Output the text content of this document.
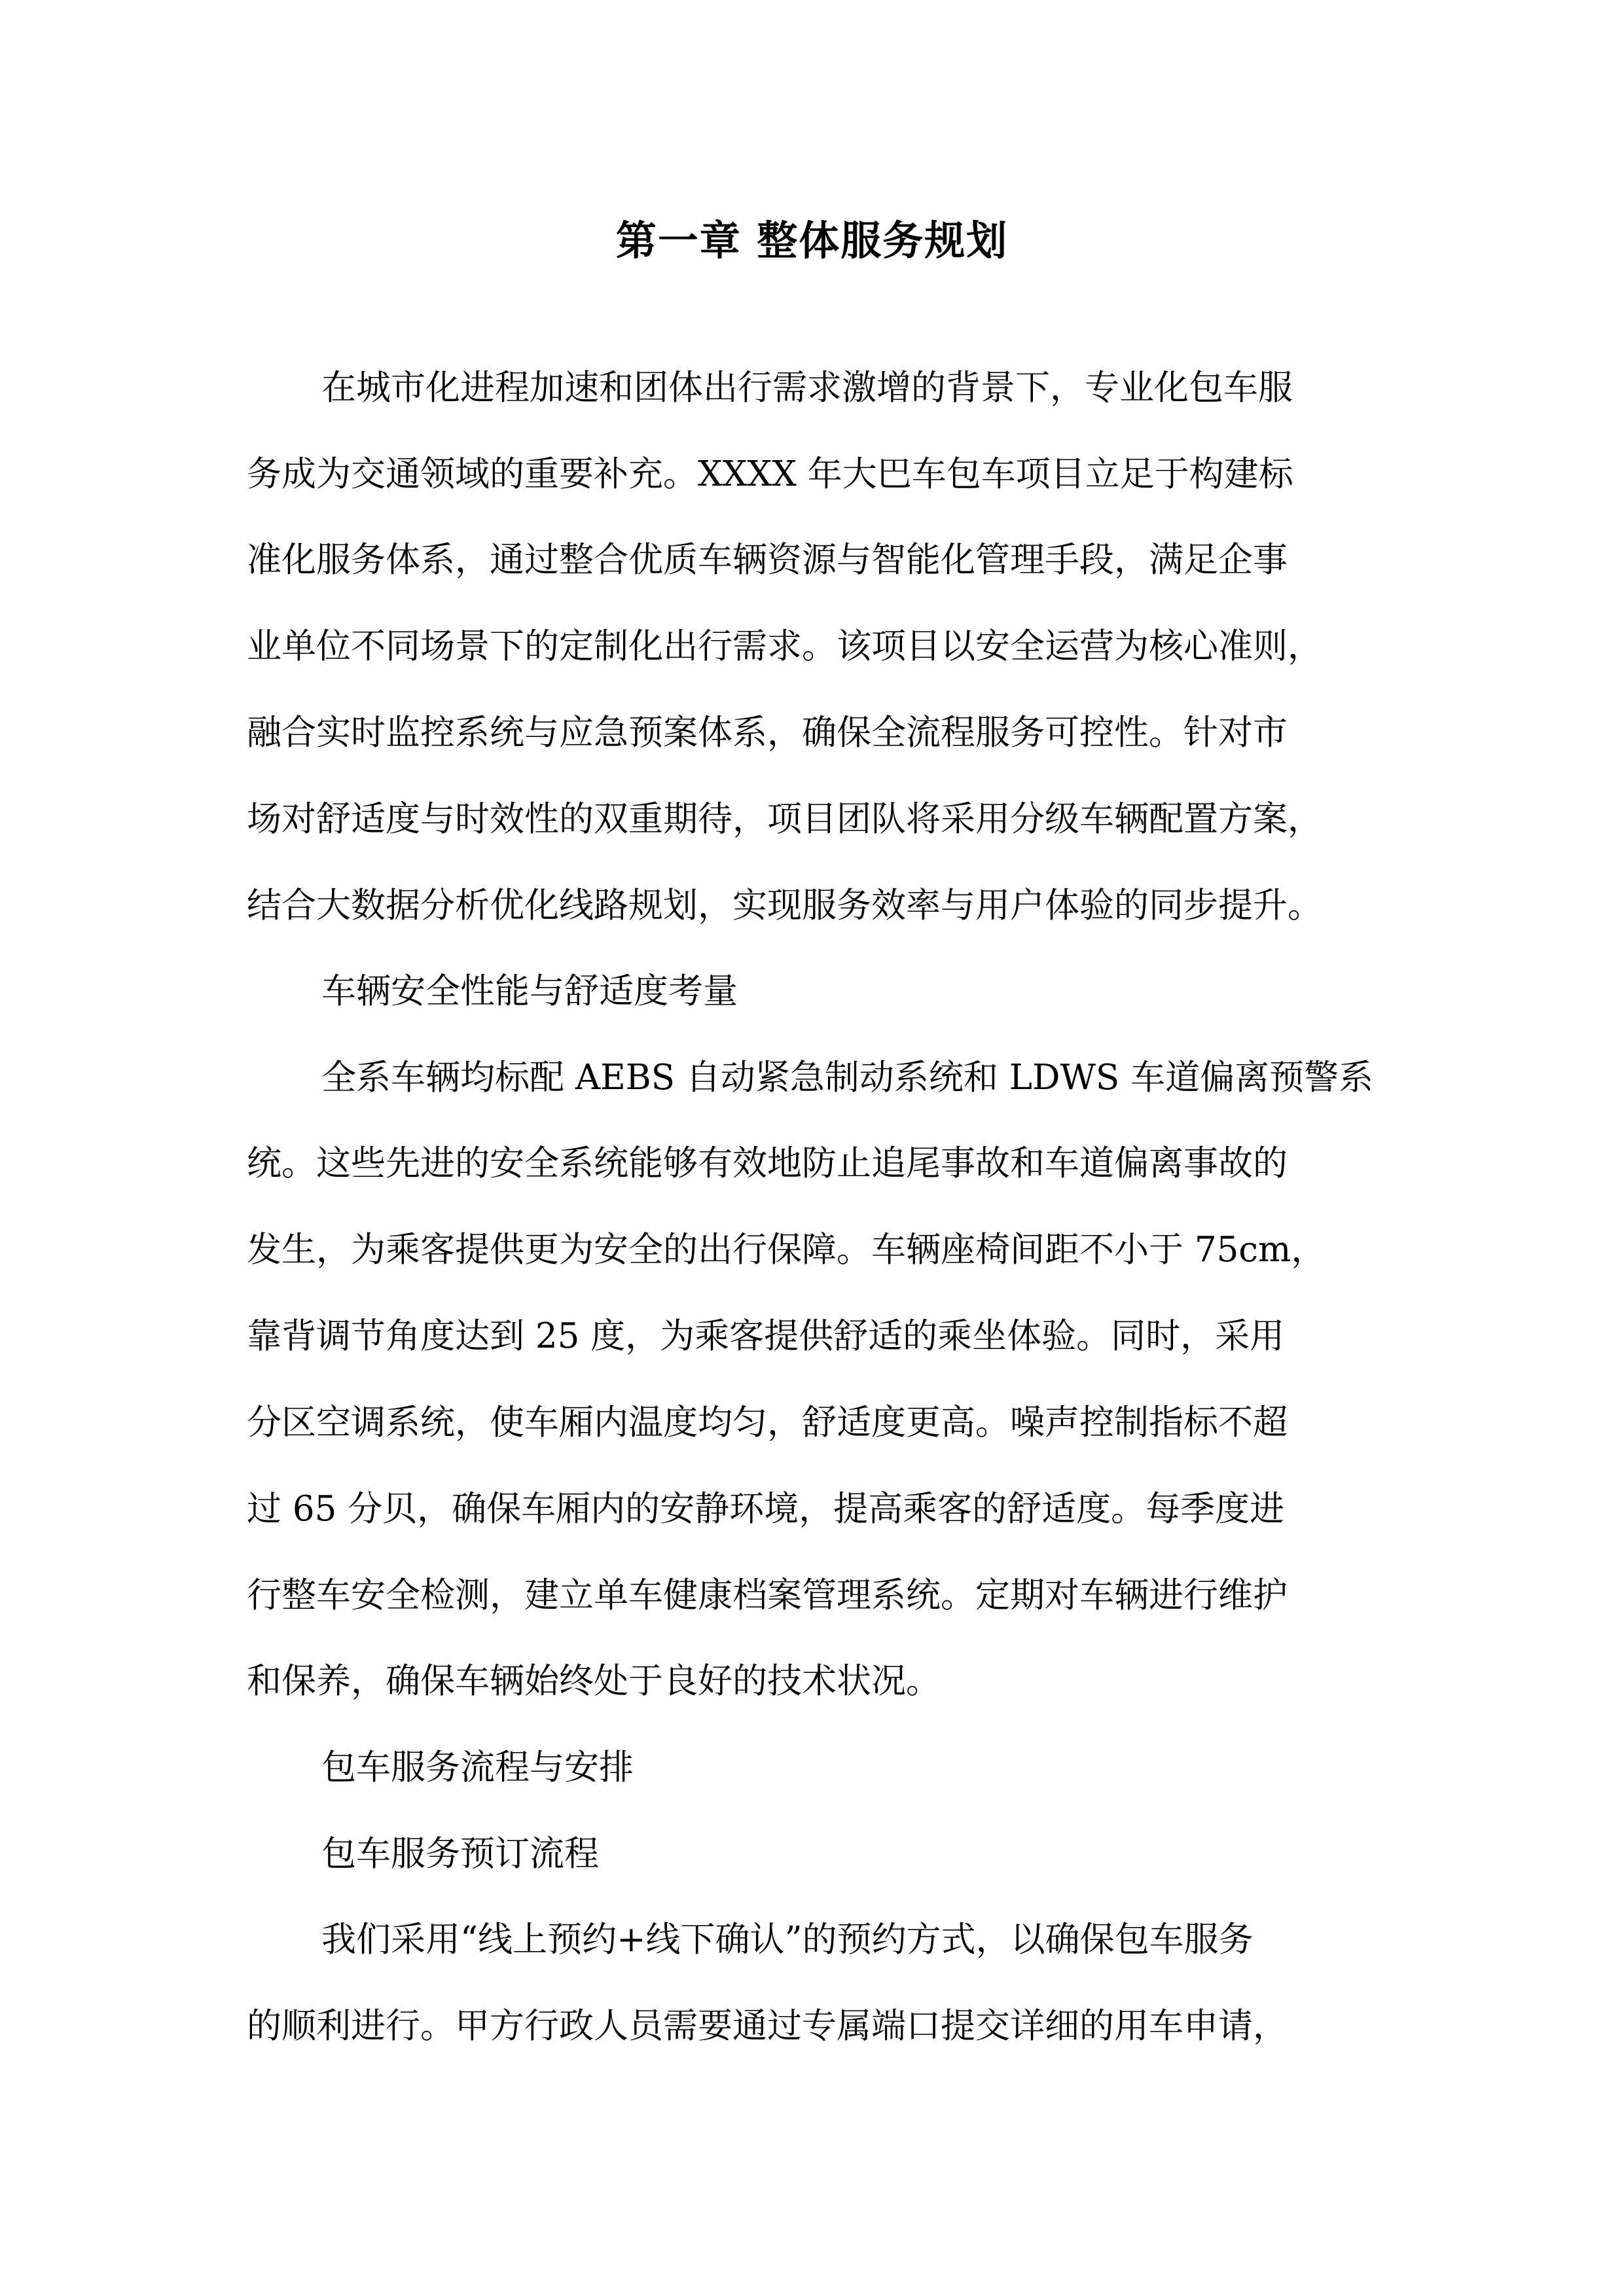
第一章 整体服务规划
在城市化进程加速和团体出行需求激增的背景下，专业化包车服
务成为交通领域的重要补充。XXXX 年大巴车包车项目立足于构建标
准化服务体系，通过整合优质车辆资源与智能化管理手段，满足企事
业单位不同场景下的定制化出行需求。该项目以安全运营为核心准则，
融合实时监控系统与应急预案体系，确保全流程服务可控性。针对市
场对舒适度与时效性的双重期待，项目团队将采用分级车辆配置方案，
结合大数据分析优化线路规划，实现服务效率与用户体验的同步提升。
车辆安全性能与舒适度考量
全系车辆均标配 AEBS 自动紧急制动系统和 LDWS 车道偏离预警系
统。这些先进的安全系统能够有效地防止追尾事故和车道偏离事故的
发生，为乘客提供更为安全的出行保障。车辆座椅间距不小于 75cm，
靠背调节角度达到 25 度，为乘客提供舒适的乘坐体验。同时，采用
分区空调系统，使车厢内温度均匀，舒适度更高。噪声控制指标不超
过 65 分贝，确保车厢内的安静环境，提高乘客的舒适度。每季度进
行整车安全检测，建立单车健康档案管理系统。定期对车辆进行维护
和保养，确保车辆始终处于良好的技术状况。
包车服务流程与安排
包车服务预订流程
我们采用“线上预约+线下确认”的预约方式，以确保包车服务
的顺利进行。甲方行政人员需要通过专属端口提交详细的用车申请，
